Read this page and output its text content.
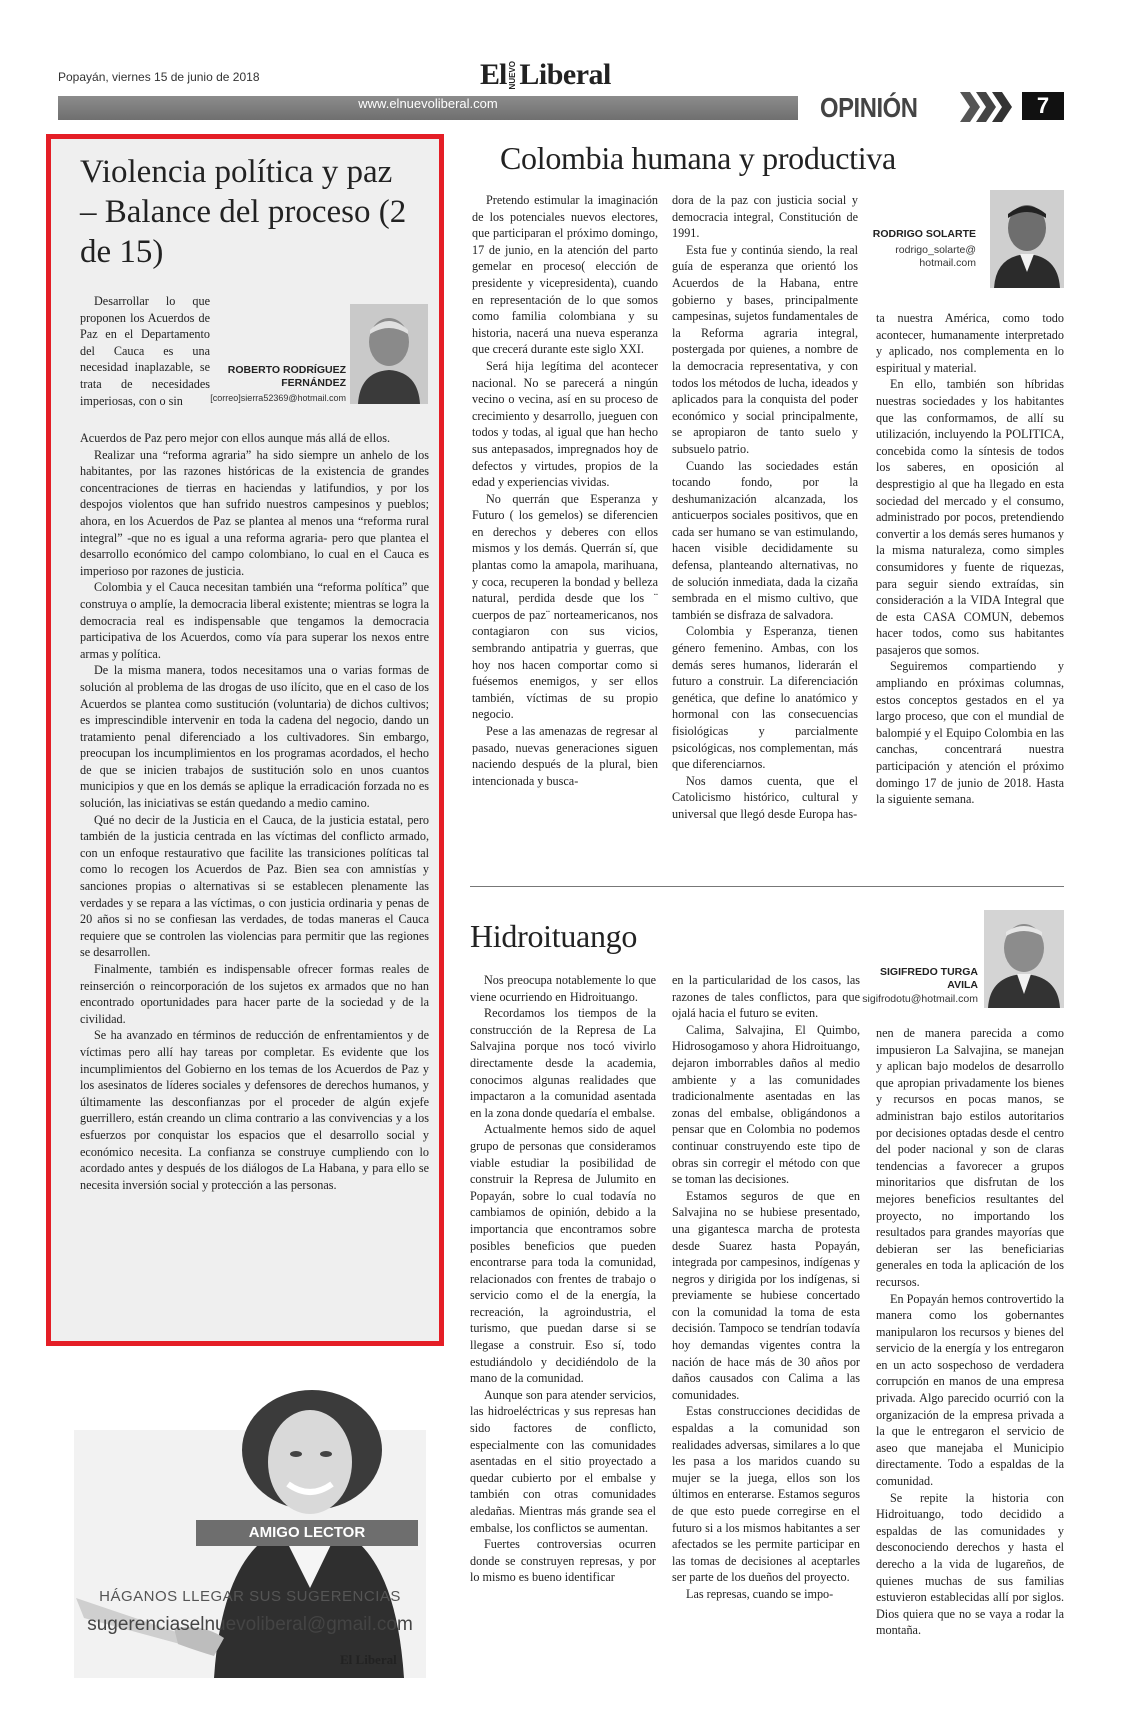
Popayán, viernes 15 de junio de 2018	El NUEVO Liberal
www.elnuevoliberal.com	OPINIÓN	7
Violencia política y paz – Balance del proceso (2 de 15)
ROBERTO RODRÍGUEZ FERNÁNDEZ
[correo]sierra52369@hotmail.com

Desarrollar lo que proponen los Acuerdos de Paz en el Departamento del Cauca es una necesidad inaplazable, se trata de necesidades imperiosas, con o sin

Acuerdos de Paz pero mejor con ellos aunque más allá de ellos.

Realizar una “reforma agraria” ha sido siempre un anhelo de los habitantes, por las razones históricas de la existencia de grandes concentraciones de tierras en haciendas y latifundios, y por los despojos violentos que han sufrido nuestros campesinos y pueblos; ahora, en los Acuerdos de Paz se plantea al menos una “reforma rural integral” -que no es igual a una reforma agraria- pero que plantea el desarrollo económico del campo colombiano, lo cual en el Cauca es imperioso por razones de justicia.

Colombia y el Cauca necesitan también una “reforma política” que construya o amplíe, la democracia liberal existente; mientras se logra la democracia real es indispensable que tengamos la democracia participativa de los Acuerdos, como vía para superar los nexos entre armas y política.

De la misma manera, todos necesitamos una o varias formas de solución al problema de las drogas de uso ilícito, que en el caso de los Acuerdos se plantea como sustitución (voluntaria) de dichos cultivos; es imprescindible intervenir en toda la cadena del negocio, dando un tratamiento penal diferenciado a los cultivadores. Sin embargo, preocupan los incumplimientos en los programas acordados, el hecho de que se inicien trabajos de sustitución solo en unos cuantos municipios y que en los demás se aplique la erradicación forzada no es solución, las iniciativas se están quedando a medio camino.

Qué no decir de la Justicia en el Cauca, de la justicia estatal, pero también de la justicia centrada en las víctimas del conflicto armado, con un enfoque restaurativo que facilite las transiciones políticas tal como lo recogen los Acuerdos de Paz. Bien sea con amnistías y sanciones propias o alternativas si se establecen plenamente las verdades y se repara a las víctimas, o con justicia ordinaria y penas de 20 años si no se confiesan las verdades, de todas maneras el Cauca requiere que se controlen las violencias para permitir que las regiones se desarrollen.

Finalmente, también es indispensable ofrecer formas reales de reinserción o reincorporación de los sujetos ex armados que no han encontrado oportunidades para hacer parte de la sociedad y de la civilidad.

Se ha avanzado en términos de reducción de enfrentamientos y de víctimas pero allí hay tareas por completar. Es evidente que los incumplimientos del Gobierno en los temas de los Acuerdos de Paz y los asesinatos de líderes sociales y defensores de derechos humanos, y últimamente las desconfianzas por el proceder de algún exjefe guerrillero, están creando un clima contrario a las convivencias y a los esfuerzos por conquistar los espacios que el desarrollo social y económico necesita. La confianza se construye cumpliendo con lo acordado antes y después de los diálogos de La Habana, y para ello se necesita inversión social y protección a las personas.

AMIGO LECTOR
HÁGANOS LLEGAR SUS SUGERENCIAS
sugerenciaselnuevoliberal@gmail.com
El Liberal
Colombia humana y productiva

Pretendo estimular la imaginación de los potenciales nuevos electores, que participaran el próximo domingo, 17 de junio, en la atención del parto gemelar en proceso( elección de presidente y vicepresidenta), cuando en representación de lo que somos como familia colombiana y su historia, nacerá una nueva esperanza que crecerá durante este siglo XXI.

Será hija legítima del acontecer nacional. No se parecerá a ningún vecino o vecina, así en su proceso de crecimiento y desarrollo, jueguen con todos y todas, al igual que han hecho sus antepasados, impregnados hoy de defectos y virtudes, propios de la edad y experiencias vividas.

No querrán que Esperanza y Futuro ( los gemelos) se diferencien en derechos y deberes con ellos mismos y los demás. Querrán sí, que plantas como la amapola, marihuana, y coca, recuperen la bondad y belleza natural, perdida desde que los ¨ cuerpos de paz¨ norteamericanos, nos contagiaron con sus vicios, sembrando antipatria y guerras, que hoy nos hacen comportar como si fuésemos enemigos, y ser ellos también, víctimas de su propio negocio.

Pese a las amenazas de regresar al pasado, nuevas generaciones siguen naciendo después de la plural, bien intencionada y busca-

dora de la paz con justicia social y democracia integral, Constitución de 1991.

Esta fue y continúa siendo, la real guía de esperanza que orientó los Acuerdos de la Habana, entre gobierno y bases, principalmente campesinas, sujetos fundamentales de la Reforma agraria integral, postergada por quienes, a nombre de la democracia representativa, y con todos los métodos de lucha, ideados y aplicados para la conquista del poder económico y social principalmente, se apropiaron de tanto suelo y subsuelo patrio.

Cuando las sociedades están tocando fondo, por la deshumanización alcanzada, los anticuerpos sociales positivos, que en cada ser humano se van estimulando, hacen visible decididamente su defensa, planteando alternativas, no de solución inmediata, dada la cizaña sembrada en el mismo cultivo, que también se disfraza de salvadora.

Colombia y Esperanza, tienen género femenino. Ambas, con los demás seres humanos, liderarán el futuro a construir. La diferenciación genética, que define lo anatómico y hormonal con las consecuencias fisiológicas y parcialmente psicológicas, nos complementan, más que diferenciarnos.

Nos damos cuenta, que el Catolicismo histórico, cultural y universal que llegó desde Europa has-

RODRIGO SOLARTE
rodrigo_solarte@ hotmail.com

ta nuestra América, como todo acontecer, humanamente interpretado y aplicado, nos complementa en lo espiritual y material.

En ello, también son híbridas nuestras sociedades y los habitantes que las conformamos, de allí su utilización, incluyendo la POLITICA, concebida como la síntesis de todos los saberes, en oposición al desprestigio al que ha llegado en esta sociedad del mercado y el consumo, administrado por pocos, pretendiendo convertir a los demás seres humanos y la misma naturaleza, como simples consumidores y fuente de riquezas, para seguir siendo extraídas, sin consideración a la VIDA Integral que de esta CASA COMUN, debemos hacer todos, como sus habitantes pasajeros que somos.

Seguiremos compartiendo y ampliando en próximas columnas, estos conceptos gestados en el ya largo proceso, que con el mundial de balompié y el Equipo Colombia en las canchas, concentrará nuestra participación y atención el próximo domingo 17 de junio de 2018. Hasta la siguiente semana.

Hidroituango
SIGIFREDO TURGA AVILA
sigifrodotu@hotmail.com

Nos preocupa notablemente lo que viene ocurriendo en Hidroituango.

Recordamos los tiempos de la construcción de la Represa de La Salvajina porque nos tocó vivirlo directamente desde la academia, conocimos algunas realidades que impactaron a la comunidad asentada en la zona donde quedaría el embalse.

Actualmente hemos sido de aquel grupo de personas que consideramos viable estudiar la posibilidad de construir la Represa de Julumito en Popayán, sobre lo cual todavía no cambiamos de opinión, debido a la importancia que encontramos sobre posibles beneficios que pueden encontrarse para toda la comunidad, relacionados con frentes de trabajo o servicio como el de la energía, la recreación, la agroindustria, el turismo, que puedan darse si se llegase a construir. Eso sí, todo estudiándolo y decidiéndolo de la mano de la comunidad.

Aunque son para atender servicios, las hidroeléctricas y sus represas han sido factores de conflicto, especialmente con las comunidades asentadas en el sitio proyectado a quedar cubierto por el embalse y también con otras comunidades aledañas. Mientras más grande sea el embalse, los conflictos se aumentan.

Fuertes controversias ocurren donde se construyen represas, y por lo mismo es bueno identificar

en la particularidad de los casos, las razones de tales conflictos, para que ojalá hacia el futuro se eviten.

Calima, Salvajina, El Quimbo, Hidrosogamoso y ahora Hidroituango, dejaron imborrables daños al medio ambiente y a las comunidades tradicionalmente asentadas en las zonas del embalse, obligándonos a pensar que en Colombia no podemos continuar construyendo este tipo de obras sin corregir el método con que se toman las decisiones.

Estamos seguros de que en Salvajina no se hubiese presentado, una gigantesca marcha de protesta desde Suarez hasta Popayán, integrada por campesinos, indígenas y negros y dirigida por los indígenas, si previamente se hubiese concertado con la comunidad la toma de esta decisión. Tampoco se tendrían todavía hoy demandas vigentes contra la nación de hace más de 30 años por daños causados con Calima a las comunidades.

Estas construcciones decididas de espaldas a la comunidad son realidades adversas, similares a lo que les pasa a los maridos cuando su mujer se la juega, ellos son los últimos en enterarse. Estamos seguros de que esto puede corregirse en el futuro si a los mismos habitantes a ser afectados se les permite participar en las tomas de decisiones al aceptarles ser parte de los dueños del proyecto.

Las represas, cuando se impo-

nen de manera parecida a como impusieron La Salvajina, se manejan y aplican bajo modelos de desarrollo que apropian privadamente los bienes y recursos en pocas manos, se administran bajo estilos autoritarios por decisiones optadas desde el centro del poder nacional y son de claras tendencias a favorecer a grupos minoritarios que disfrutan de los mejores beneficios resultantes del proyecto, no importando los resultados para grandes mayorías que debieran ser las beneficiarias generales en toda la aplicación de los recursos.

En Popayán hemos controvertido la manera como los gobernantes manipularon los recursos y bienes del servicio de la energía y los entregaron en un acto sospechoso de verdadera corrupción en manos de una empresa privada. Algo parecido ocurrió con la organización de la empresa privada a la que le entregaron el servicio de aseo que manejaba el Municipio directamente. Todo a espaldas de la comunidad.

Se repite la historia con Hidroituango, todo decidido a espaldas de las comunidades y desconociendo derechos y hasta el derecho a la vida de lugareños, de quienes muchas de sus familias estuvieron establecidas allí por siglos. Dios quiera que no se vaya a rodar la montaña.
